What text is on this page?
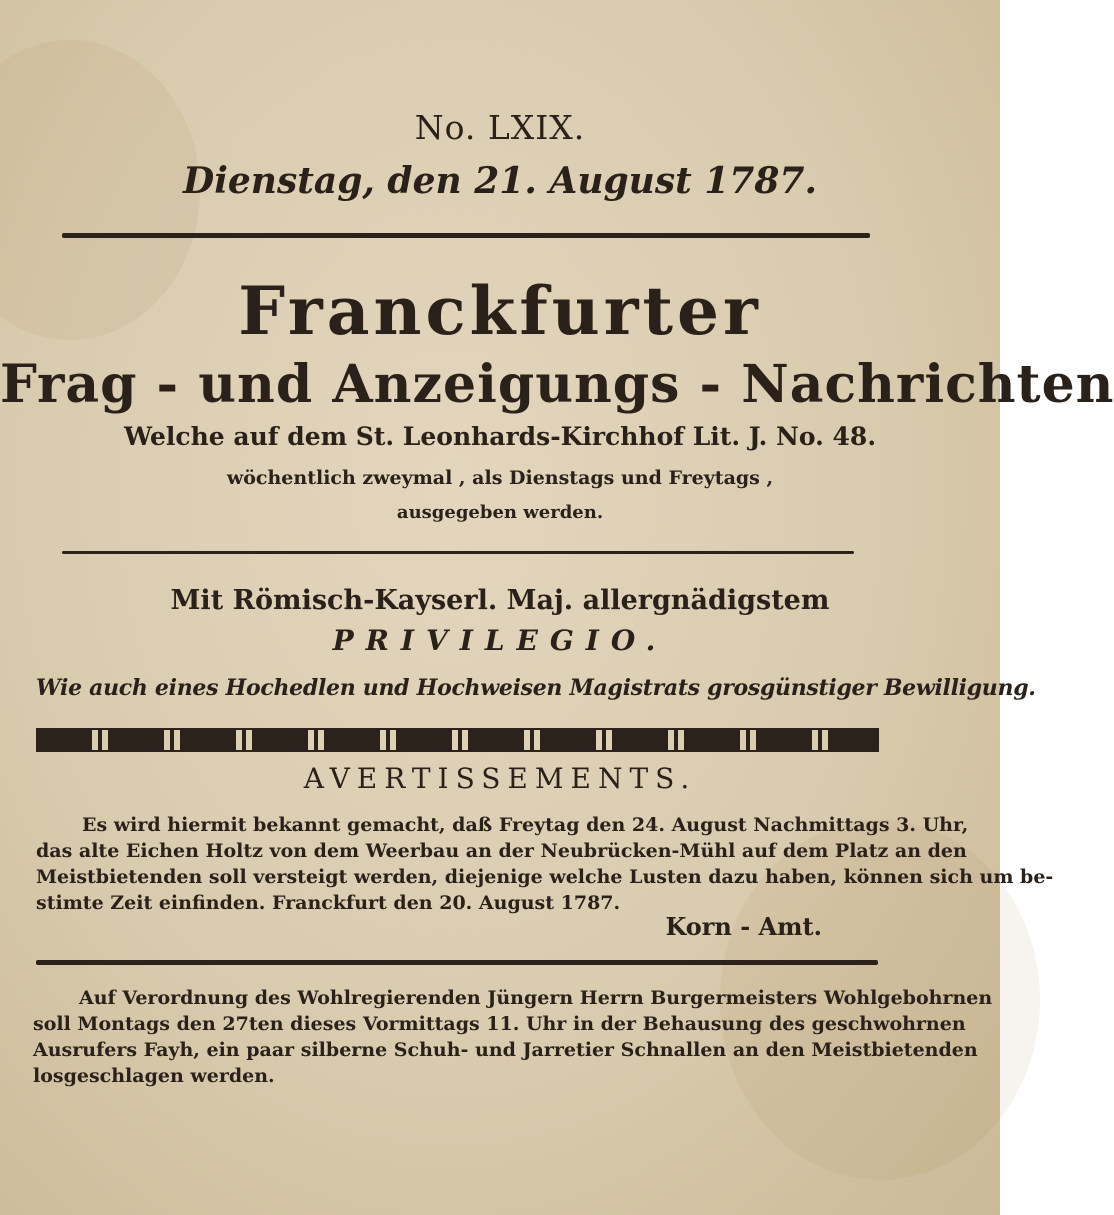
No. LXIX.
Dienstag, den 21. August 1787.
Franckfurter
Frag - und Anzeigungs - Nachrichten
Welche auf dem St. Leonhards-Kirchhof Lit. J. No. 48.
wöchentlich zweymal , als Dienstags und Freytags ,
ausgegeben werden.
Mit Römisch-Kayserl. Maj. allergnädigstem
PRIVILEGIO.
Wie auch eines Hochedlen und Hochweisen Magistrats grosgünstiger Bewilligung.
AVERTISSEMENTS.
Es wird hiermit bekannt gemacht, daß Freytag den 24. August Nachmittags 3. Uhr,
das alte Eichen Holtz von dem Weerbau an der Neubrücken-Mühl auf dem Platz an den
Meistbietenden soll versteigt werden, diejenige welche Lusten dazu haben, können sich um be-
stimte Zeit einfinden. Franckfurt den 20. August 1787.
Korn - Amt.
Auf Verordnung des Wohlregierenden Jüngern Herrn Burgermeisters Wohlgebohrnen
soll Montags den 27ten dieses Vormittags 11. Uhr in der Behausung des geschwohrnen
Ausrufers Fayh, ein paar silberne Schuh- und Jarretier Schnallen an den Meistbietenden
losgeschlagen werden.
